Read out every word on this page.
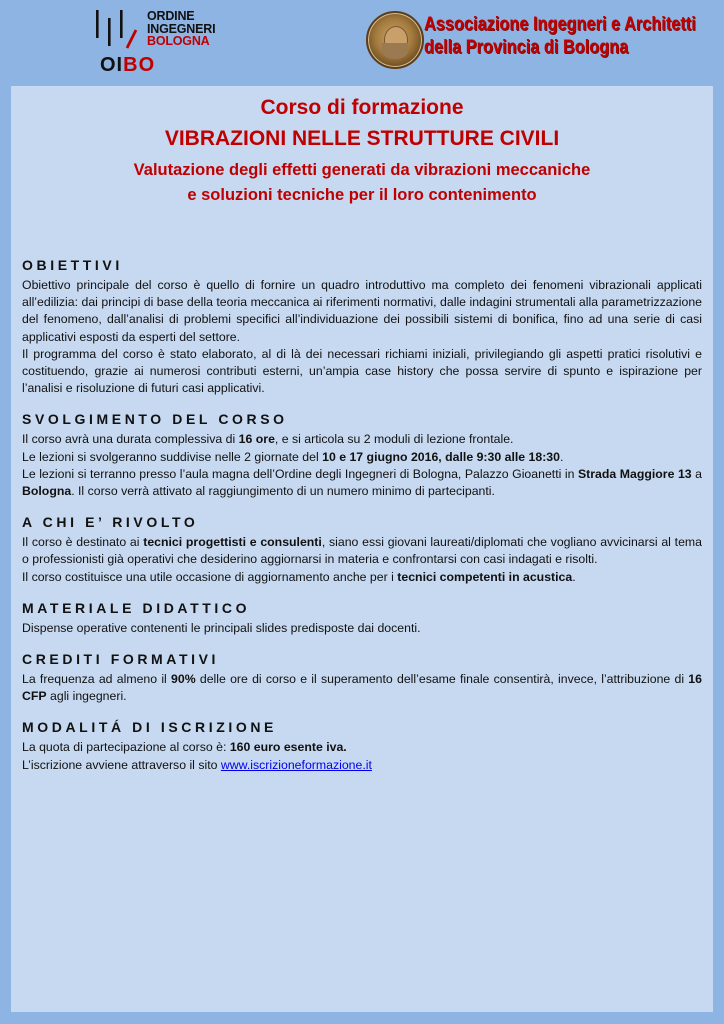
ORDINE
INGEGNERI
BOLOGNA
OIBO
Associazione Ingegneri e Architetti
della Provincia di Bologna
Corso di formazione
VIBRAZIONI NELLE STRUTTURE CIVILI
Valutazione degli effetti generati da vibrazioni meccaniche
e soluzioni tecniche per il loro contenimento
OBIETTIVI

Obiettivo principale del corso è quello di fornire un quadro introduttivo ma completo dei fenomeni vibrazionali applicati all’edilizia: dai principi di base della teoria meccanica ai riferimenti normativi, dalle indagini strumentali alla parametrizzazione del fenomeno, dall’analisi di problemi specifici all’individuazione dei possibili sistemi di bonifica, fino ad una serie di casi applicativi esposti da esperti del settore.

Il programma del corso è stato elaborato, al di là dei necessari richiami iniziali, privilegiando gli aspetti pratici risolutivi e costituendo, grazie ai numerosi contributi esterni, un’ampia case history che possa servire di spunto e ispirazione per l’analisi e risoluzione di futuri casi applicativi.

SVOLGIMENTO DEL CORSO

Il corso avrà una durata complessiva di 16 ore, e si articola su 2 moduli di lezione frontale.

Le lezioni si svolgeranno suddivise nelle 2 giornate del 10 e 17 giugno 2016, dalle 9:30 alle 18:30.

Le lezioni si terranno presso l’aula magna dell’Ordine degli Ingegneri di Bologna, Palazzo Gioanetti in Strada Maggiore 13 a Bologna. Il corso verrà attivato al raggiungimento di un numero minimo di partecipanti.

A CHI E’ RIVOLTO

Il corso è destinato ai tecnici progettisti e consulenti, siano essi giovani laureati/diplomati che vogliano avvicinarsi al tema o professionisti già operativi che desiderino aggiornarsi in materia e confrontarsi con casi indagati e risolti.

Il corso costituisce una utile occasione di aggiornamento anche per i tecnici competenti in acustica.

MATERIALE DIDATTICO

Dispense operative contenenti le principali slides predisposte dai docenti.

CREDITI FORMATIVI

La frequenza ad almeno il 90% delle ore di corso e il superamento dell’esame finale consentirà, invece, l’attribuzione di 16 CFP agli ingegneri.

MODALITÁ DI ISCRIZIONE

La quota di partecipazione al corso è: 160 euro esente iva.

L’iscrizione avviene attraverso il sito www.iscrizioneformazione.it
